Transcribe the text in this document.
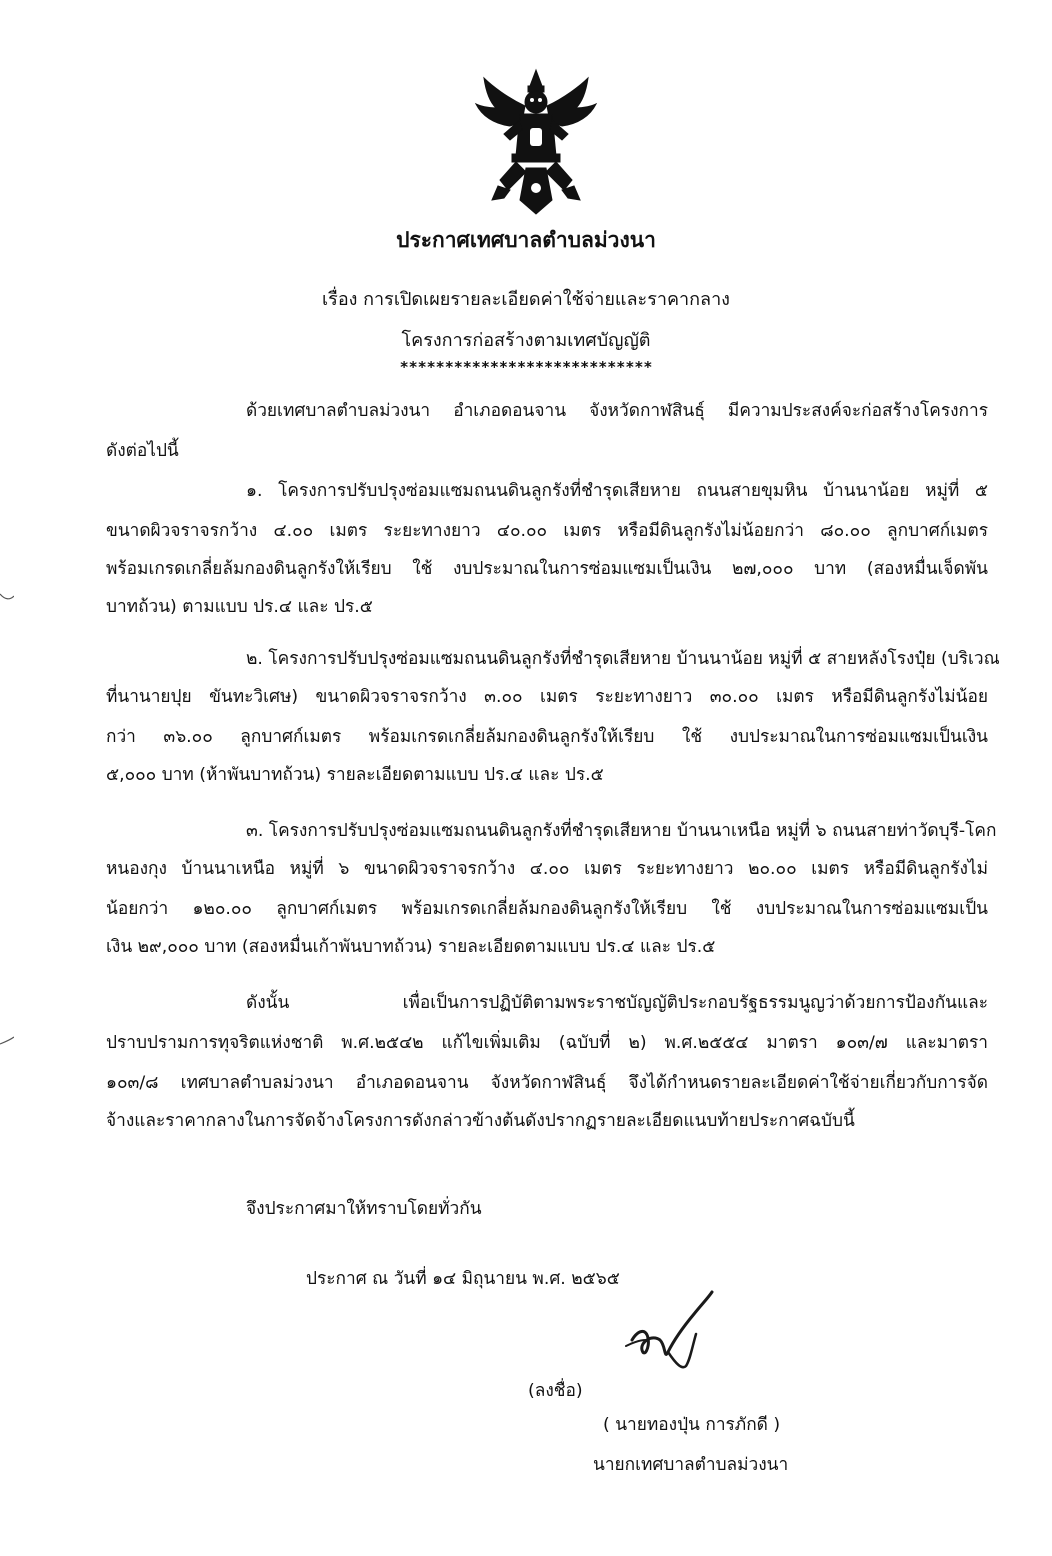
ประกาศเทศบาลตำบลม่วงนา
เรื่อง การเปิดเผยรายละเอียดค่าใช้จ่ายและราคากลาง
โครงการก่อสร้างตามเทศบัญญัติ
****************************
ด้วยเทศบาลตำบลม่วงนา อำเภอดอนจาน จังหวัดกาฬสินธุ์ มีความประสงค์จะก่อสร้างโครงการ
ดังต่อไปนี้
๑. โครงการปรับปรุงซ่อมแซมถนนดินลูกรังที่ชำรุดเสียหาย ถนนสายขุมหิน บ้านนาน้อย หมู่ที่ ๕
ขนาดผิวจราจรกว้าง ๔.๐๐ เมตร ระยะทางยาว ๔๐.๐๐ เมตร หรือมีดินลูกรังไม่น้อยกว่า ๘๐.๐๐ ลูกบาศก์เมตร
พร้อมเกรดเกลี่ยล้มกองดินลูกรังให้เรียบ ใช้ งบประมาณในการซ่อมแซมเป็นเงิน ๒๗,๐๐๐ บาท (สองหมื่นเจ็ดพัน
บาทถ้วน) ตามแบบ ปร.๔ และ ปร.๕
๒. โครงการปรับปรุงซ่อมแซมถนนดินลูกรังที่ชำรุดเสียหาย บ้านนาน้อย หมู่ที่ ๕ สายหลังโรงปุ๋ย (บริเวณ
ที่นานายปุย ขันทะวิเศษ) ขนาดผิวจราจรกว้าง ๓.๐๐ เมตร ระยะทางยาว ๓๐.๐๐ เมตร หรือมีดินลูกรังไม่น้อย
กว่า ๓๖.๐๐ ลูกบาศก์เมตร พร้อมเกรดเกลี่ยล้มกองดินลูกรังให้เรียบ ใช้ งบประมาณในการซ่อมแซมเป็นเงิน
๕,๐๐๐ บาท (ห้าพันบาทถ้วน) รายละเอียดตามแบบ ปร.๔ และ ปร.๕
๓. โครงการปรับปรุงซ่อมแซมถนนดินลูกรังที่ชำรุดเสียหาย บ้านนาเหนือ หมู่ที่ ๖ ถนนสายท่าวัดบุรี-โคก
หนองกุง บ้านนาเหนือ หมู่ที่ ๖ ขนาดผิวจราจรกว้าง ๔.๐๐ เมตร ระยะทางยาว ๒๐.๐๐ เมตร หรือมีดินลูกรังไม่
น้อยกว่า ๑๒๐.๐๐ ลูกบาศก์เมตร พร้อมเกรดเกลี่ยล้มกองดินลูกรังให้เรียบ ใช้ งบประมาณในการซ่อมแซมเป็น
เงิน ๒๙,๐๐๐ บาท (สองหมื่นเก้าพันบาทถ้วน) รายละเอียดตามแบบ ปร.๔ และ ปร.๕
ดังนั้น เพื่อเป็นการปฏิบัติตามพระราชบัญญัติประกอบรัฐธรรมนูญว่าด้วยการป้องกันและ
ปราบปรามการทุจริตแห่งชาติ พ.ศ.๒๕๔๒ แก้ไขเพิ่มเติม (ฉบับที่ ๒) พ.ศ.๒๕๕๔ มาตรา ๑๐๓/๗ และมาตรา
๑๐๓/๘ เทศบาลตำบลม่วงนา อำเภอดอนจาน จังหวัดกาฬสินธุ์ จึงได้กำหนดรายละเอียดค่าใช้จ่ายเกี่ยวกับการจัด
จ้างและราคากลางในการจัดจ้างโครงการดังกล่าวข้างต้นดังปรากฏรายละเอียดแนบท้ายประกาศฉบับนี้
จึงประกาศมาให้ทราบโดยทั่วกัน
ประกาศ ณ วันที่ ๑๔ มิถุนายน พ.ศ. ๒๕๖๕
(ลงชื่อ)
( นายทองปุ่น การภักดี )
นายกเทศบาลตำบลม่วงนา
